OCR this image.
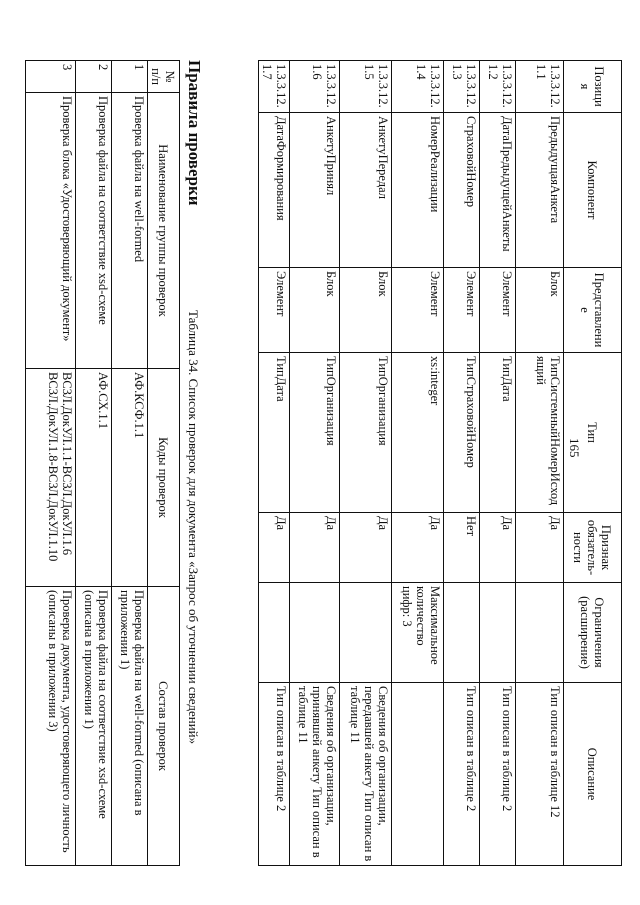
165
Позиция	Компонент	Представление	Тип	Признак обязатель-ности	Ограничения (расширение)	Описание
1.3.3.12.1.1	ПредыдущаяАнкета	Блок	ТипСистемныйНомерИсходящий	Да		Тип описан в таблице 12
1.3.3.12.1.2	ДатаПредыдущейАнкеты	Элемент	ТипДата	Да		Тип описан в таблице 2
1.3.3.12.1.3	СтраховойНомер	Элемент	ТипСтраховойНомер	Нет		Тип описан в таблице 2
1.3.3.12.1.4	НомерРеализации	Элемент	xs:integer	Да	Максимальное количество цифр: 3	
1.3.3.12.1.5	АнкетуПередал	Блок	ТипОрганизация	Да		Сведения об организации, передавшей анкету Тип описан в таблице 11
1.3.3.12.1.6	АнкетуПринял	Блок	ТипОрганизация	Да		Сведения об организации, принявшей анкету Тип описан в таблице 11
1.3.3.12.1.7	ДатаФормирования	Элемент	ТипДата	Да		Тип описан в таблице 2
Правила проверки
Таблица 34. Список проверок для документа «Запрос об уточнении сведений»
№ п/п	Наименование группы проверок	Коды проверок	Состав проверок
1	Проверка файла на well-formed	АФ.КСФ.1.1	Проверка файла на well-formed (описана в приложении 1)
2	Проверка файла на соответствие xsd-схеме	АФ.СХ.1.1	Проверка файла на соответствие xsd-схеме (описана в приложении 1)
3	Проверка блока «Удостоверяющий документ»	ВСЗЛ.ДокУЛ.1.1-ВСЗЛ.ДокУЛ.1.6 ВСЗЛ.ДокУЛ.1.8-ВСЗЛ.ДокУЛ.1.10	Проверка документа, удостоверяющего личность (описаны в приложении 3)
